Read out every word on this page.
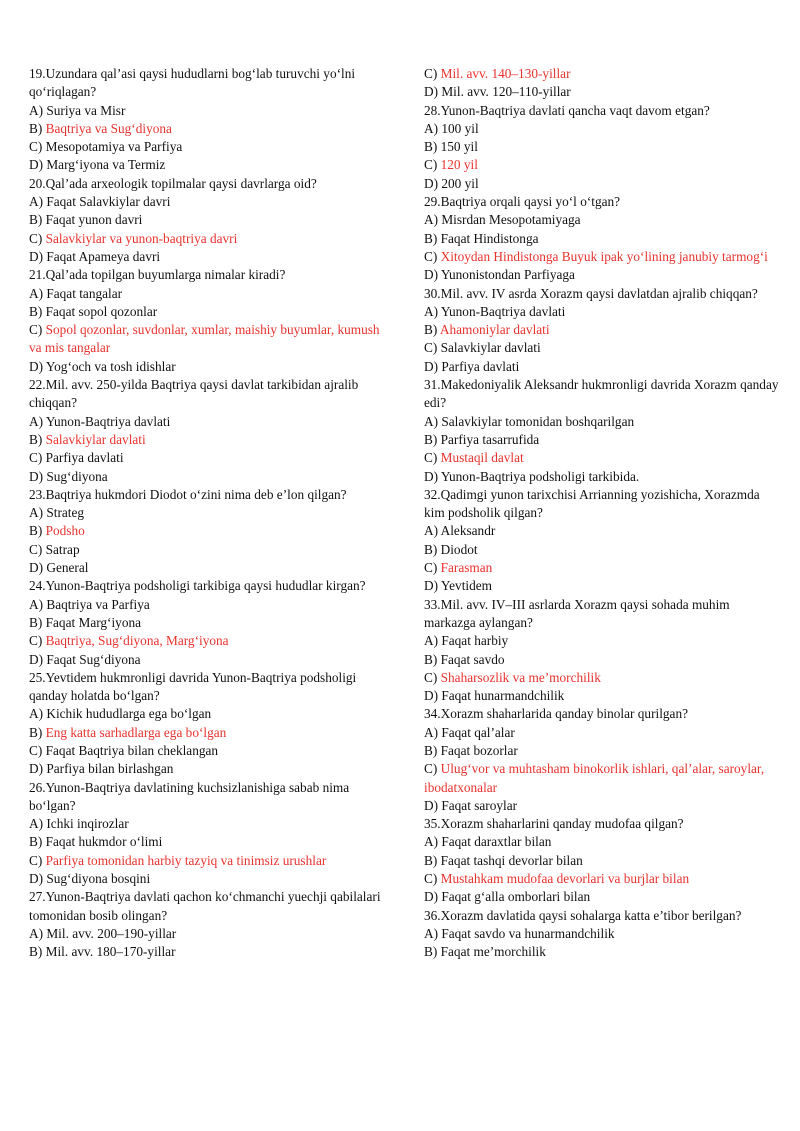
19.Uzundara qal’asi qaysi hududlarni bog‘lab turuvchi yo‘lni qo‘riqlagan?

A) Suriya va Misr

B) Baqtriya va Sug‘diyona

C) Mesopotamiya va Parfiya

D) Marg‘iyona va Termiz

20.Qal’ada arxeologik topilmalar qaysi davrlarga oid?

A) Faqat Salavkiylar davri

B) Faqat yunon davri

C) Salavkiylar va yunon-baqtriya davri

D) Faqat Apameya davri

21.Qal’ada topilgan buyumlarga nimalar kiradi?

A) Faqat tangalar

B) Faqat sopol qozonlar

C) Sopol qozonlar, suvdonlar, xumlar, maishiy buyumlar, kumush va mis tangalar

D) Yog‘och va tosh idishlar

22.Mil. avv. 250-yilda Baqtriya qaysi davlat tarkibidan ajralib chiqqan?

A) Yunon-Baqtriya davlati

B) Salavkiylar davlati

C) Parfiya davlati

D) Sug‘diyona

23.Baqtriya hukmdori Diodot o‘zini nima deb e’lon qilgan?

A) Strateg

B) Podsho

C) Satrap

D) General

24.Yunon-Baqtriya podsholigi tarkibiga qaysi hududlar kirgan?

A) Baqtriya va Parfiya

B) Faqat Marg‘iyona

C) Baqtriya, Sug‘diyona, Marg‘iyona

D) Faqat Sug‘diyona

25.Yevtidem hukmronligi davrida Yunon-Baqtriya podsholigi qanday holatda bo‘lgan?

A) Kichik hududlarga ega bo‘lgan

B) Eng katta sarhadlarga ega bo‘lgan

C) Faqat Baqtriya bilan cheklangan

D) Parfiya bilan birlashgan

26.Yunon-Baqtriya davlatining kuchsizlanishiga sabab nima bo‘lgan?

A) Ichki inqirozlar

B) Faqat hukmdor o‘limi

C) Parfiya tomonidan harbiy tazyiq va tinimsiz urushlar

D) Sug‘diyona bosqini

27.Yunon-Baqtriya davlati qachon ko‘chmanchi yuechji qabilalari tomonidan bosib olingan?

A) Mil. avv. 200–190-yillar

B) Mil. avv. 180–170-yillar

C) Mil. avv. 140–130-yillar

D) Mil. avv. 120–110-yillar

28.Yunon-Baqtriya davlati qancha vaqt davom etgan?

A) 100 yil

B) 150 yil

C) 120 yil

D) 200 yil

29.Baqtriya orqali qaysi yo‘l o‘tgan?

A) Misrdan Mesopotamiyaga

B) Faqat Hindistonga

C) Xitoydan Hindistonga Buyuk ipak yo‘lining janubiy tarmog‘i

D) Yunonistondan Parfiyaga

30.Mil. avv. IV asrda Xorazm qaysi davlatdan ajralib chiqqan?

A) Yunon-Baqtriya davlati

B) Ahamoniylar davlati

C) Salavkiylar davlati

D) Parfiya davlati

31.Makedoniyalik Aleksandr hukmronligi davrida Xorazm qanday edi?

A) Salavkiylar tomonidan boshqarilgan

B) Parfiya tasarrufida

C) Mustaqil davlat

D) Yunon-Baqtriya podsholigi tarkibida.

32.Qadimgi yunon tarixchisi Arrianning yozishicha, Xorazmda kim podsholik qilgan?

A) Aleksandr

B) Diodot

C) Farasman

D) Yevtidem

33.Mil. avv. IV–III asrlarda Xorazm qaysi sohada muhim markazga aylangan?

A) Faqat harbiy

B) Faqat savdo

C) Shaharsozlik va me’morchilik

D) Faqat hunarmandchilik

34.Xorazm shaharlarida qanday binolar qurilgan?

A) Faqat qal’alar

B) Faqat bozorlar

C) Ulug‘vor va muhtasham binokorlik ishlari, qal’alar, saroylar, ibodatxonalar

D) Faqat saroylar

35.Xorazm shaharlarini qanday mudofaa qilgan?

A) Faqat daraxtlar bilan

B) Faqat tashqi devorlar bilan

C) Mustahkam mudofaa devorlari va burjlar bilan

D) Faqat g‘alla omborlari bilan

36.Xorazm davlatida qaysi sohalarga katta e’tibor berilgan?

A) Faqat savdo va hunarmandchilik

B) Faqat me’morchilik
